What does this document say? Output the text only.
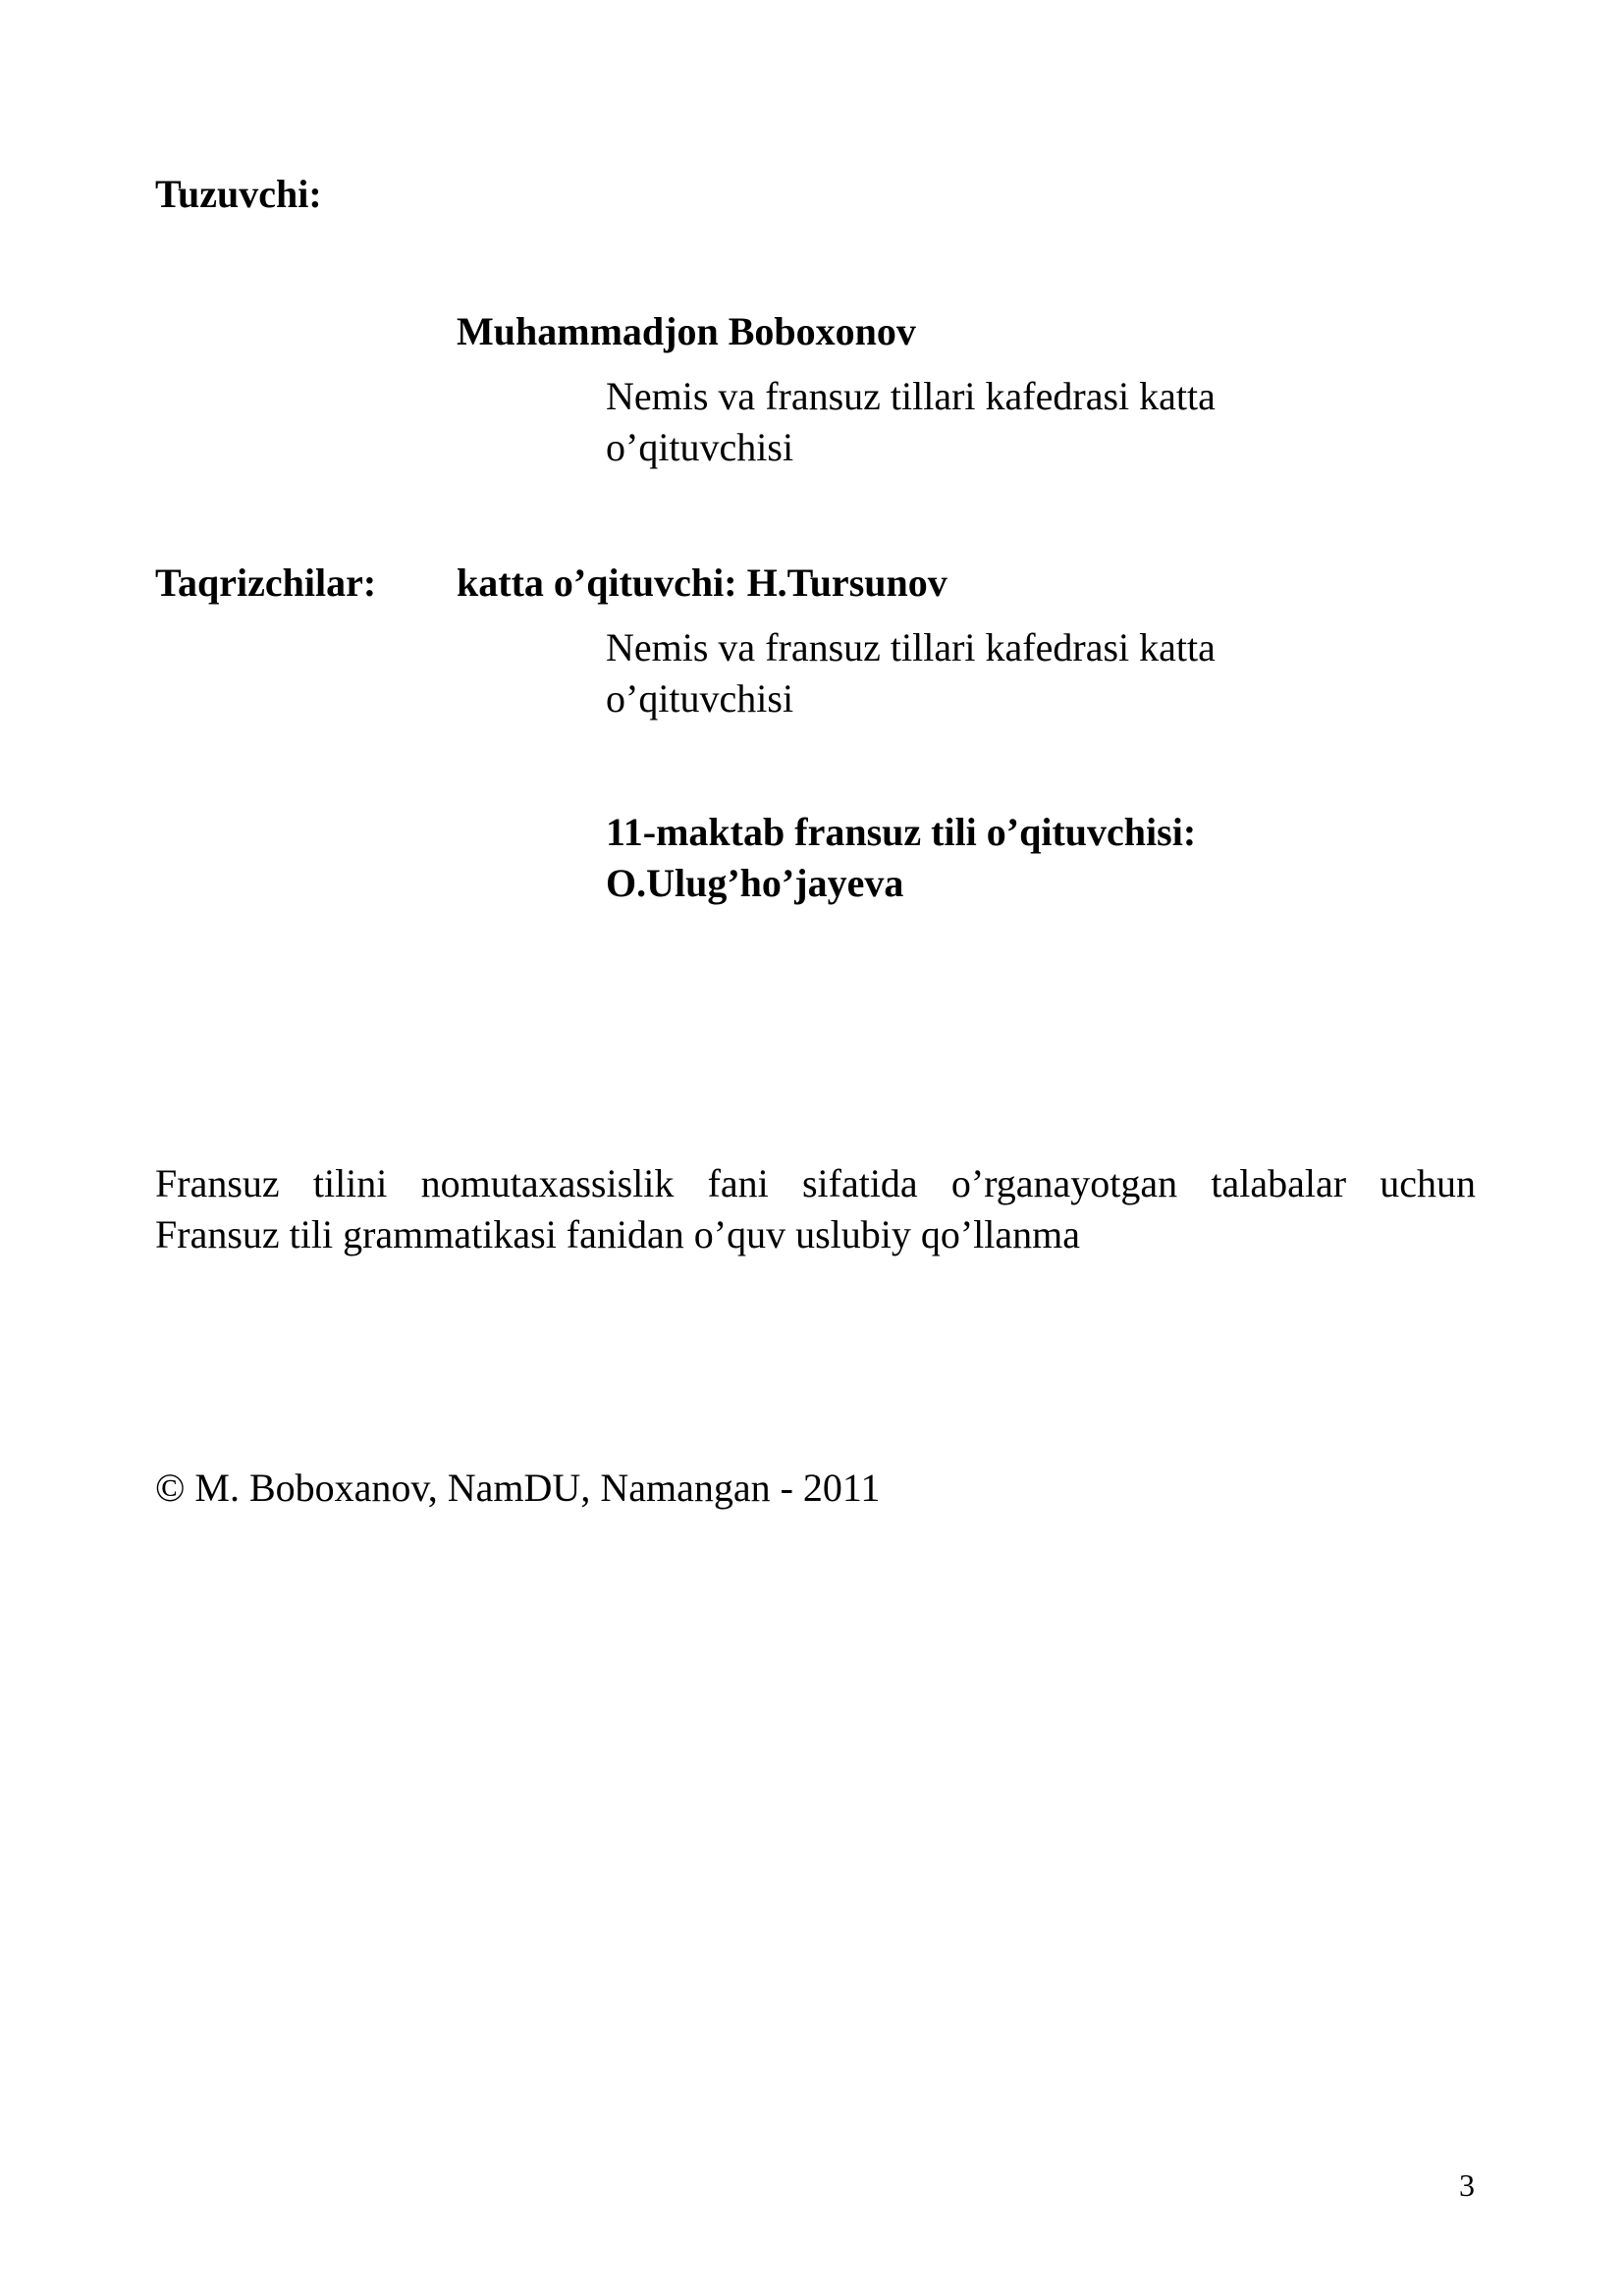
Tuzuvchi:
Muhammadjon Boboxonov
Nemis va fransuz tillari kafedrasi katta
o’qituvchisi
Taqrizchilar: katta o’qituvchi: H.Tursunov
Nemis va fransuz tillari kafedrasi katta
o’qituvchisi
11-maktab fransuz tili o’qituvchisi:
O.Ulug’ho’jayeva
Fransuz tilini nomutaxassislik fani sifatida o’rganayotgan talabalar uchun
Fransuz tili grammatikasi fanidan o’quv uslubiy qo’llanma
© M. Boboxanov, NamDU, Namangan - 2011
3
